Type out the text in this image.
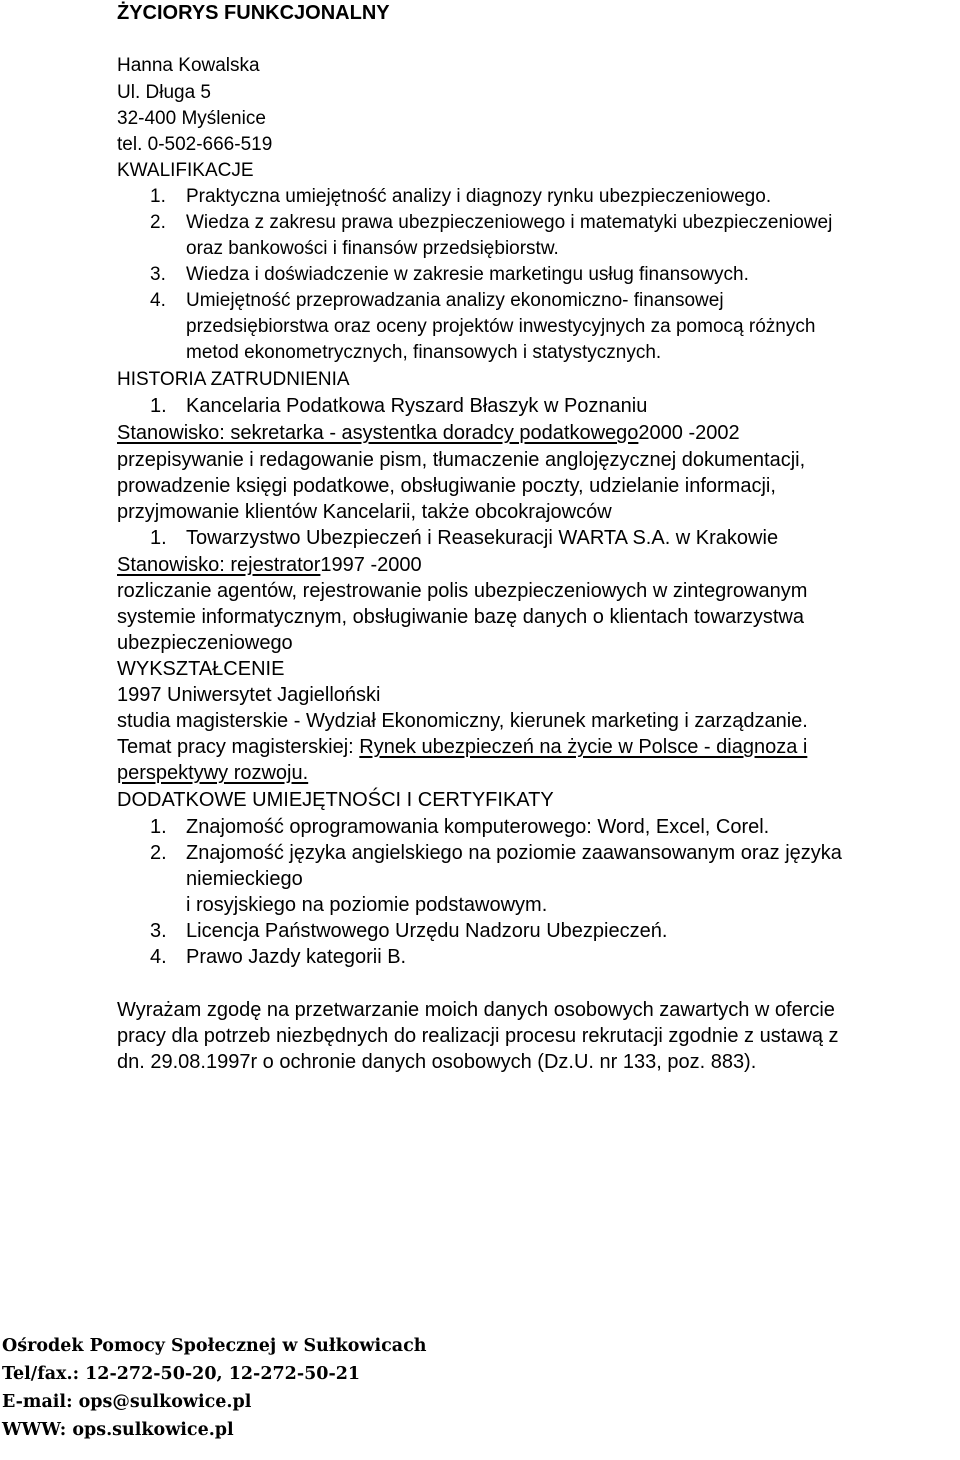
ŻYCIORYS FUNKCJONALNY
Hanna Kowalska
Ul. Długa 5
32-400 Myślenice
tel. 0-502-666-519
KWALIFIKACJE
1. Praktyczna umiejętność analizy i diagnozy rynku ubezpieczeniowego.
2. Wiedza z zakresu prawa ubezpieczeniowego i matematyki ubezpieczeniowej
oraz bankowości i finansów przedsiębiorstw.
3. Wiedza i doświadczenie w zakresie marketingu usług finansowych.
4. Umiejętność przeprowadzania analizy ekonomiczno- finansowej
przedsiębiorstwa oraz oceny projektów inwestycyjnych za pomocą różnych
metod ekonometrycznych, finansowych i statystycznych.
HISTORIA ZATRUDNIENIA
1. Kancelaria Podatkowa Ryszard Błaszyk w Poznaniu
Stanowisko: sekretarka - asystentka doradcy podatkowego2000 -2002
przepisywanie i redagowanie pism, tłumaczenie anglojęzycznej dokumentacji,
prowadzenie księgi podatkowe, obsługiwanie poczty, udzielanie informacji,
przyjmowanie klientów Kancelarii, także obcokrajowców
1. Towarzystwo Ubezpieczeń i Reasekuracji WARTA S.A. w Krakowie
Stanowisko: rejestrator1997 -2000
rozliczanie agentów, rejestrowanie polis ubezpieczeniowych w zintegrowanym
systemie informatycznym, obsługiwanie bazę danych o klientach towarzystwa
ubezpieczeniowego
WYKSZTAŁCENIE
1997 Uniwersytet Jagielloński
studia magisterskie - Wydział Ekonomiczny, kierunek marketing i zarządzanie.
Temat pracy magisterskiej: Rynek ubezpieczeń na życie w Polsce - diagnoza i
perspektywy rozwoju.
DODATKOWE UMIEJĘTNOŚCI I CERTYFIKATY
1. Znajomość oprogramowania komputerowego: Word, Excel, Corel.
2. Znajomość języka angielskiego na poziomie zaawansowanym oraz języka
niemieckiego
i rosyjskiego na poziomie podstawowym.
3. Licencja Państwowego Urzędu Nadzoru Ubezpieczeń.
4. Prawo Jazdy kategorii B.
Wyrażam zgodę na przetwarzanie moich danych osobowych zawartych w ofercie
pracy dla potrzeb niezbędnych do realizacji procesu rekrutacji zgodnie z ustawą z
dn. 29.08.1997r o ochronie danych osobowych (Dz.U. nr 133, poz. 883).
Ośrodek Pomocy Społecznej w Sułkowicach
Tel/fax.: 12-272-50-20, 12-272-50-21
E-mail: ops@sulkowice.pl
WWW: ops.sulkowice.pl
